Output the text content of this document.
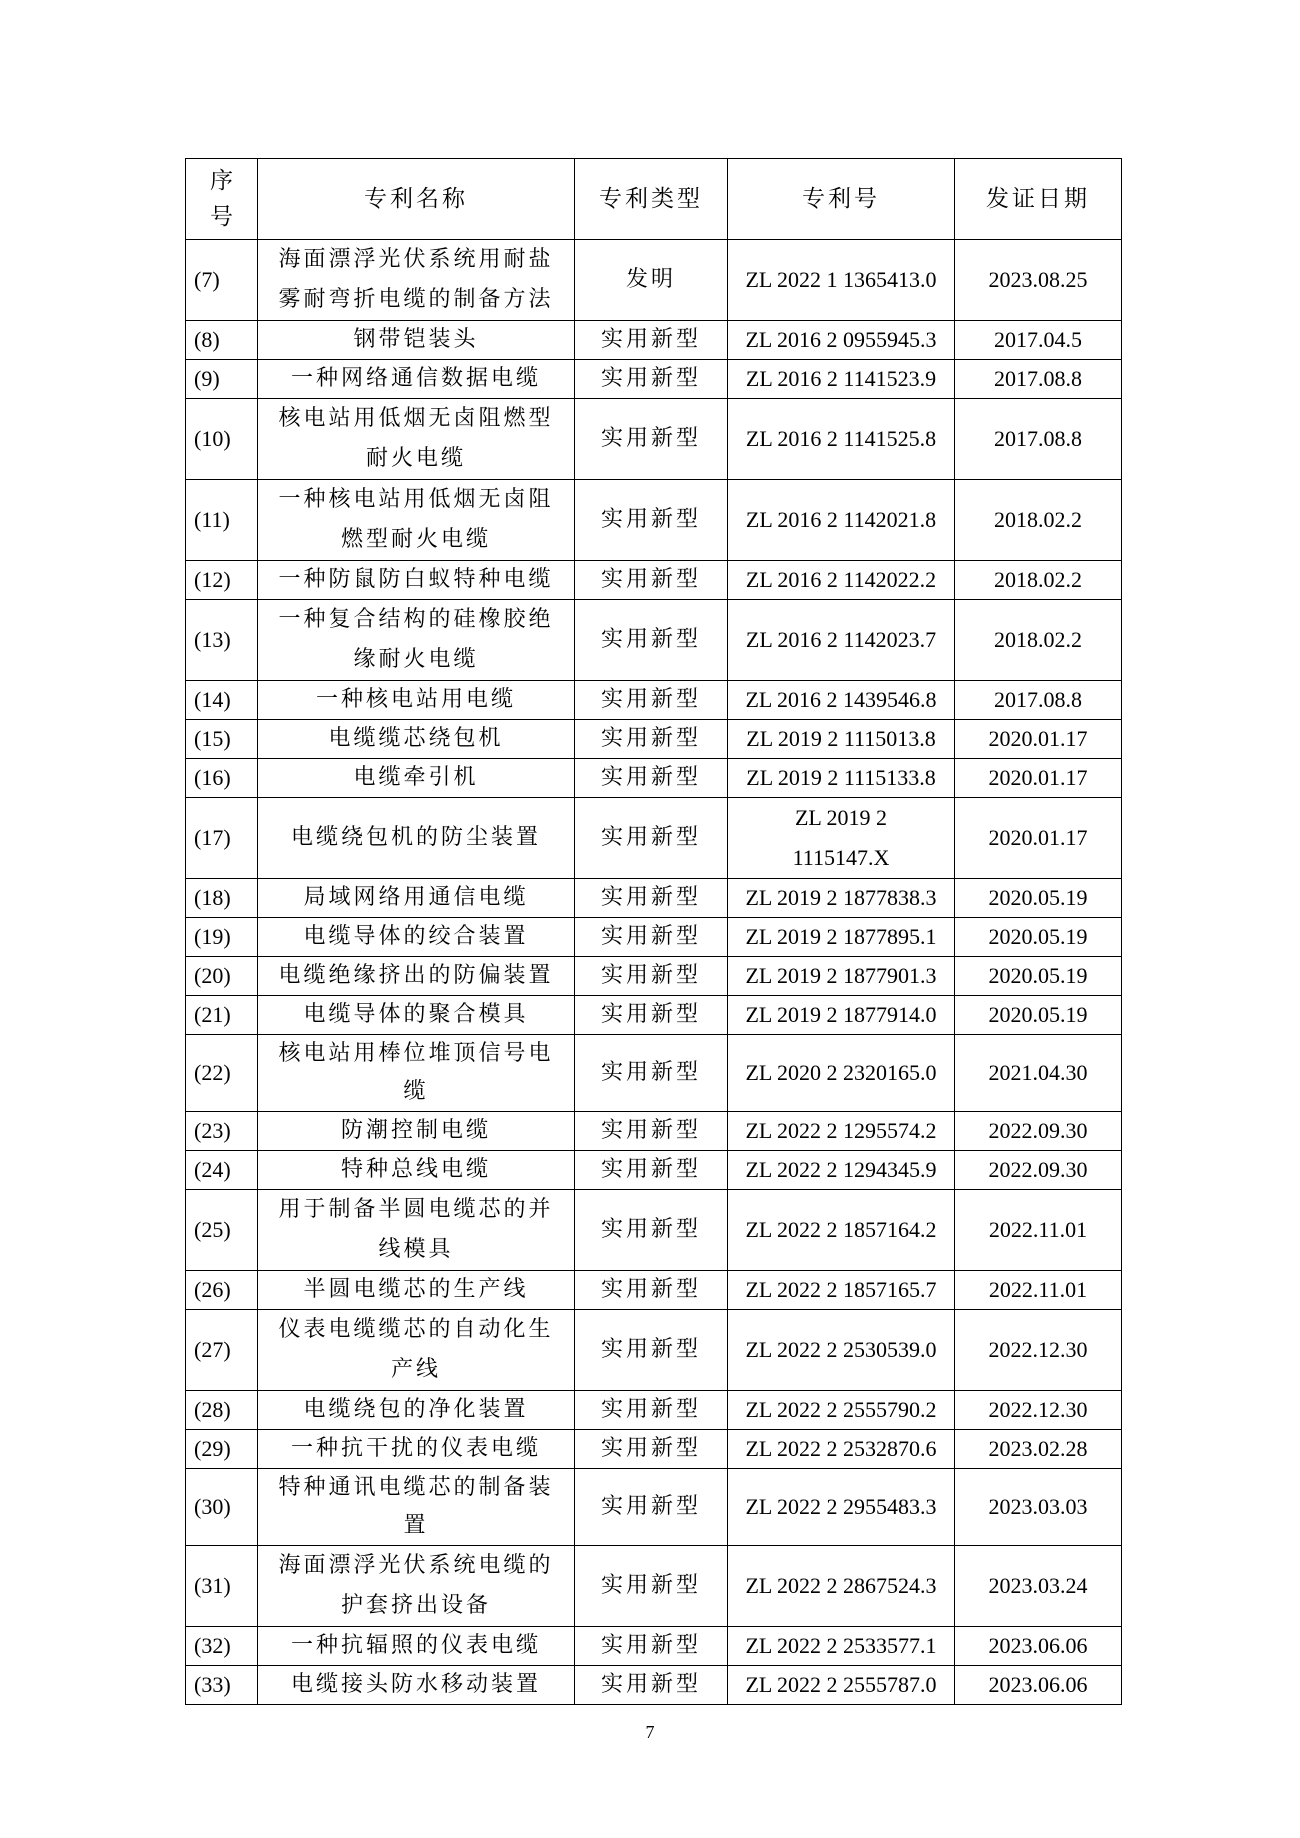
序号	专利名称	专利类型	专利号	发证日期
(7)	海面漂浮光伏系统用耐盐雾耐弯折电缆的制备方法	发明	ZL 2022 1 1365413.0	2023.08.25
(8)	钢带铠装头	实用新型	ZL 2016 2 0955945.3	2017.04.5
(9)	一种网络通信数据电缆	实用新型	ZL 2016 2 1141523.9	2017.08.8
(10)	核电站用低烟无卤阻燃型耐火电缆	实用新型	ZL 2016 2 1141525.8	2017.08.8
(11)	一种核电站用低烟无卤阻燃型耐火电缆	实用新型	ZL 2016 2 1142021.8	2018.02.2
(12)	一种防鼠防白蚁特种电缆	实用新型	ZL 2016 2 1142022.2	2018.02.2
(13)	一种复合结构的硅橡胶绝缘耐火电缆	实用新型	ZL 2016 2 1142023.7	2018.02.2
(14)	一种核电站用电缆	实用新型	ZL 2016 2 1439546.8	2017.08.8
(15)	电缆缆芯绕包机	实用新型	ZL 2019 2 1115013.8	2020.01.17
(16)	电缆牵引机	实用新型	ZL 2019 2 1115133.8	2020.01.17
(17)	电缆绕包机的防尘装置	实用新型	ZL 2019 2 1115147.X	2020.01.17
(18)	局域网络用通信电缆	实用新型	ZL 2019 2 1877838.3	2020.05.19
(19)	电缆导体的绞合装置	实用新型	ZL 2019 2 1877895.1	2020.05.19
(20)	电缆绝缘挤出的防偏装置	实用新型	ZL 2019 2 1877901.3	2020.05.19
(21)	电缆导体的聚合模具	实用新型	ZL 2019 2 1877914.0	2020.05.19
(22)	核电站用棒位堆顶信号电缆	实用新型	ZL 2020 2 2320165.0	2021.04.30
(23)	防潮控制电缆	实用新型	ZL 2022 2 1295574.2	2022.09.30
(24)	特种总线电缆	实用新型	ZL 2022 2 1294345.9	2022.09.30
(25)	用于制备半圆电缆芯的并线模具	实用新型	ZL 2022 2 1857164.2	2022.11.01
(26)	半圆电缆芯的生产线	实用新型	ZL 2022 2 1857165.7	2022.11.01
(27)	仪表电缆缆芯的自动化生产线	实用新型	ZL 2022 2 2530539.0	2022.12.30
(28)	电缆绕包的净化装置	实用新型	ZL 2022 2 2555790.2	2022.12.30
(29)	一种抗干扰的仪表电缆	实用新型	ZL 2022 2 2532870.6	2023.02.28
(30)	特种通讯电缆芯的制备装置	实用新型	ZL 2022 2 2955483.3	2023.03.03
(31)	海面漂浮光伏系统电缆的护套挤出设备	实用新型	ZL 2022 2 2867524.3	2023.03.24
(32)	一种抗辐照的仪表电缆	实用新型	ZL 2022 2 2533577.1	2023.06.06
(33)	电缆接头防水移动装置	实用新型	ZL 2022 2 2555787.0	2023.06.06
7
